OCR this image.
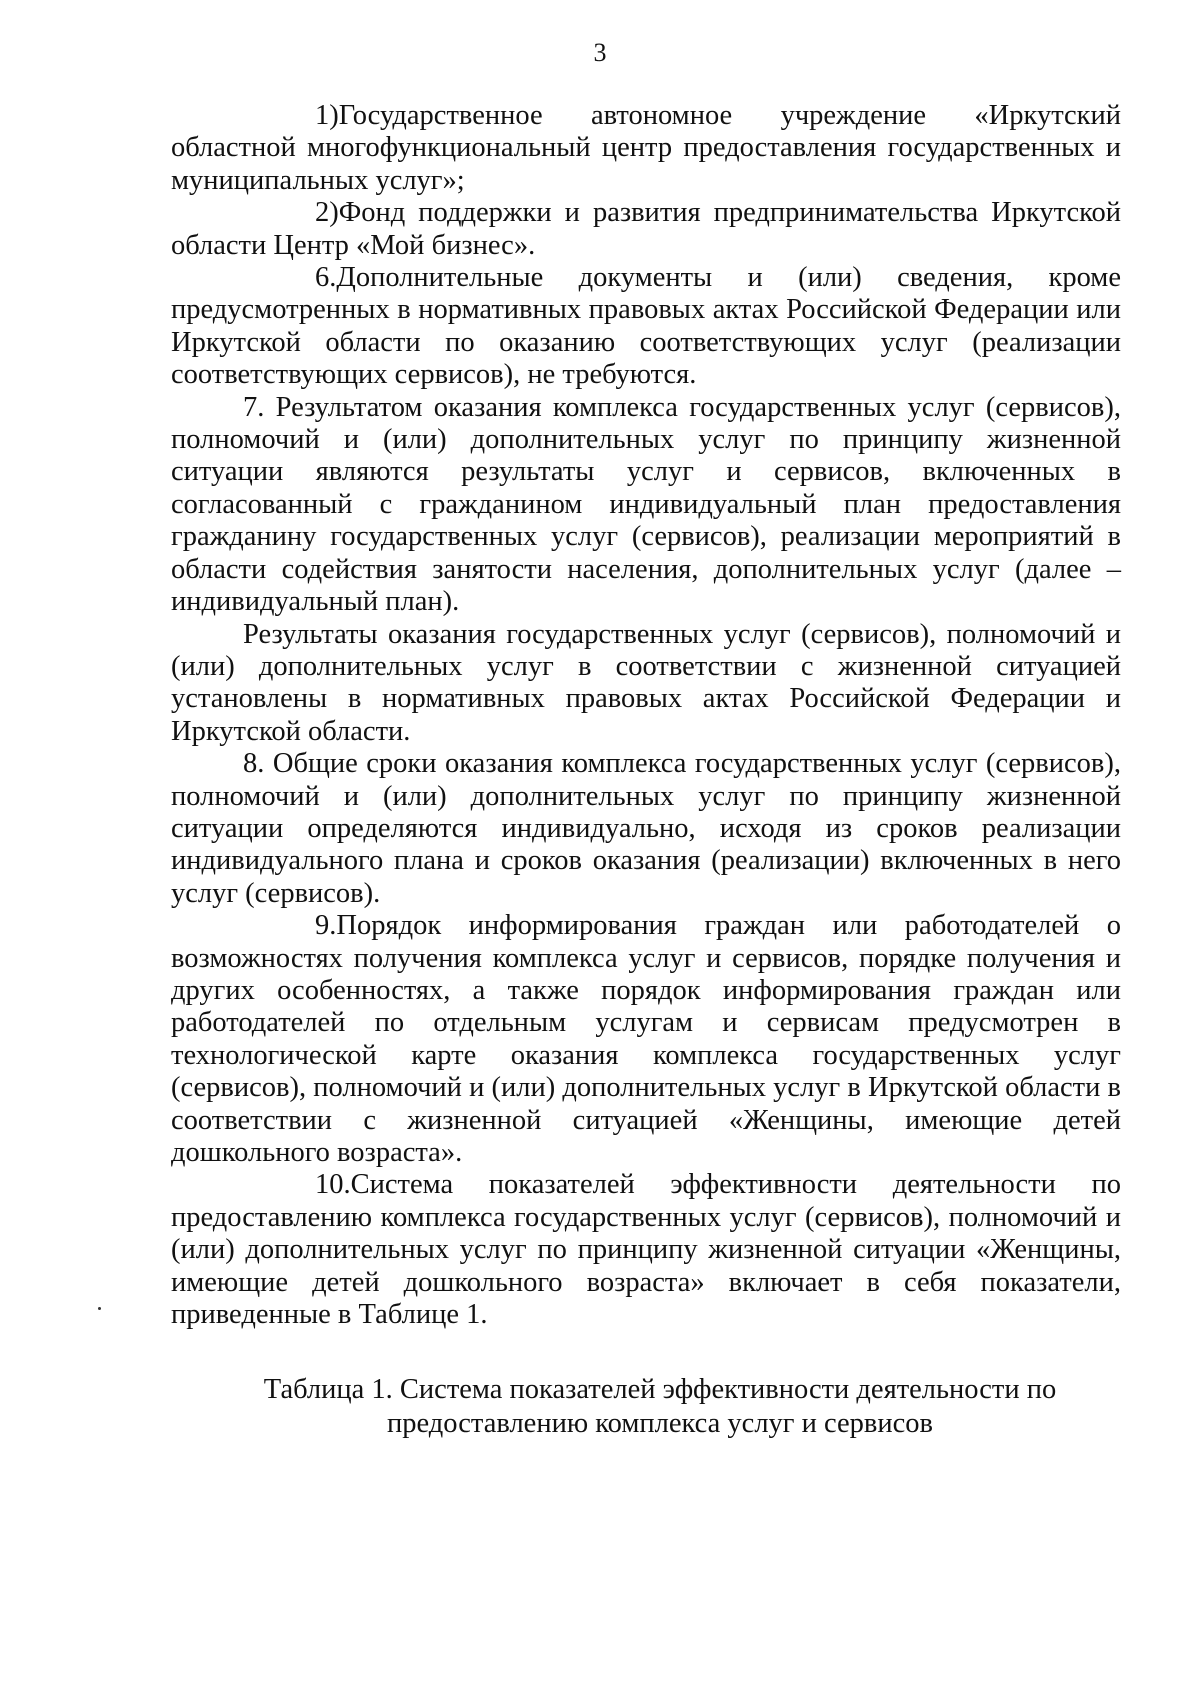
3

1)Государственное автономное учреждение «Иркутский областной многофункциональный центр предоставления государственных и муниципальных услуг»;

2)Фонд поддержки и развития предпринимательства Иркутской области Центр «Мой бизнес».

6.Дополнительные документы и (или) сведения, кроме предусмотренных в нормативных правовых актах Российской Федерации или Иркутской области по оказанию соответствующих услуг (реализации соответствующих сервисов), не требуются.

7. Результатом оказания комплекса государственных услуг (сервисов), полномочий и (или) дополнительных услуг по принципу жизненной ситуации являются результаты услуг и сервисов, включенных в согласованный с гражданином индивидуальный план предоставления гражданину государственных услуг (сервисов), реализации мероприятий в области содействия занятости населения, дополнительных услуг (далее – индивидуальный план).

Результаты оказания государственных услуг (сервисов), полномочий и (или) дополнительных услуг в соответствии с жизненной ситуацией установлены в нормативных правовых актах Российской Федерации и Иркутской области.

8. Общие сроки оказания комплекса государственных услуг (сервисов), полномочий и (или) дополнительных услуг по принципу жизненной ситуации определяются индивидуально, исходя из сроков реализации индивидуального плана и сроков оказания (реализации) включенных в него услуг (сервисов).

9.Порядок информирования граждан или работодателей о возможностях получения комплекса услуг и сервисов, порядке получения и других особенностях, а также порядок информирования граждан или работодателей по отдельным услугам и сервисам предусмотрен в технологической карте оказания комплекса государственных услуг (сервисов), полномочий и (или) дополнительных услуг в Иркутской области в соответствии с жизненной ситуацией «Женщины, имеющие детей дошкольного возраста».

10.Система показателей эффективности деятельности по предоставлению комплекса государственных услуг (сервисов), полномочий и (или) дополнительных услуг по принципу жизненной ситуации «Женщины, имеющие детей дошкольного возраста» включает в себя показатели, приведенные в Таблице 1.

Таблица 1. Система показателей эффективности деятельности по
предоставлению комплекса услуг и сервисов
